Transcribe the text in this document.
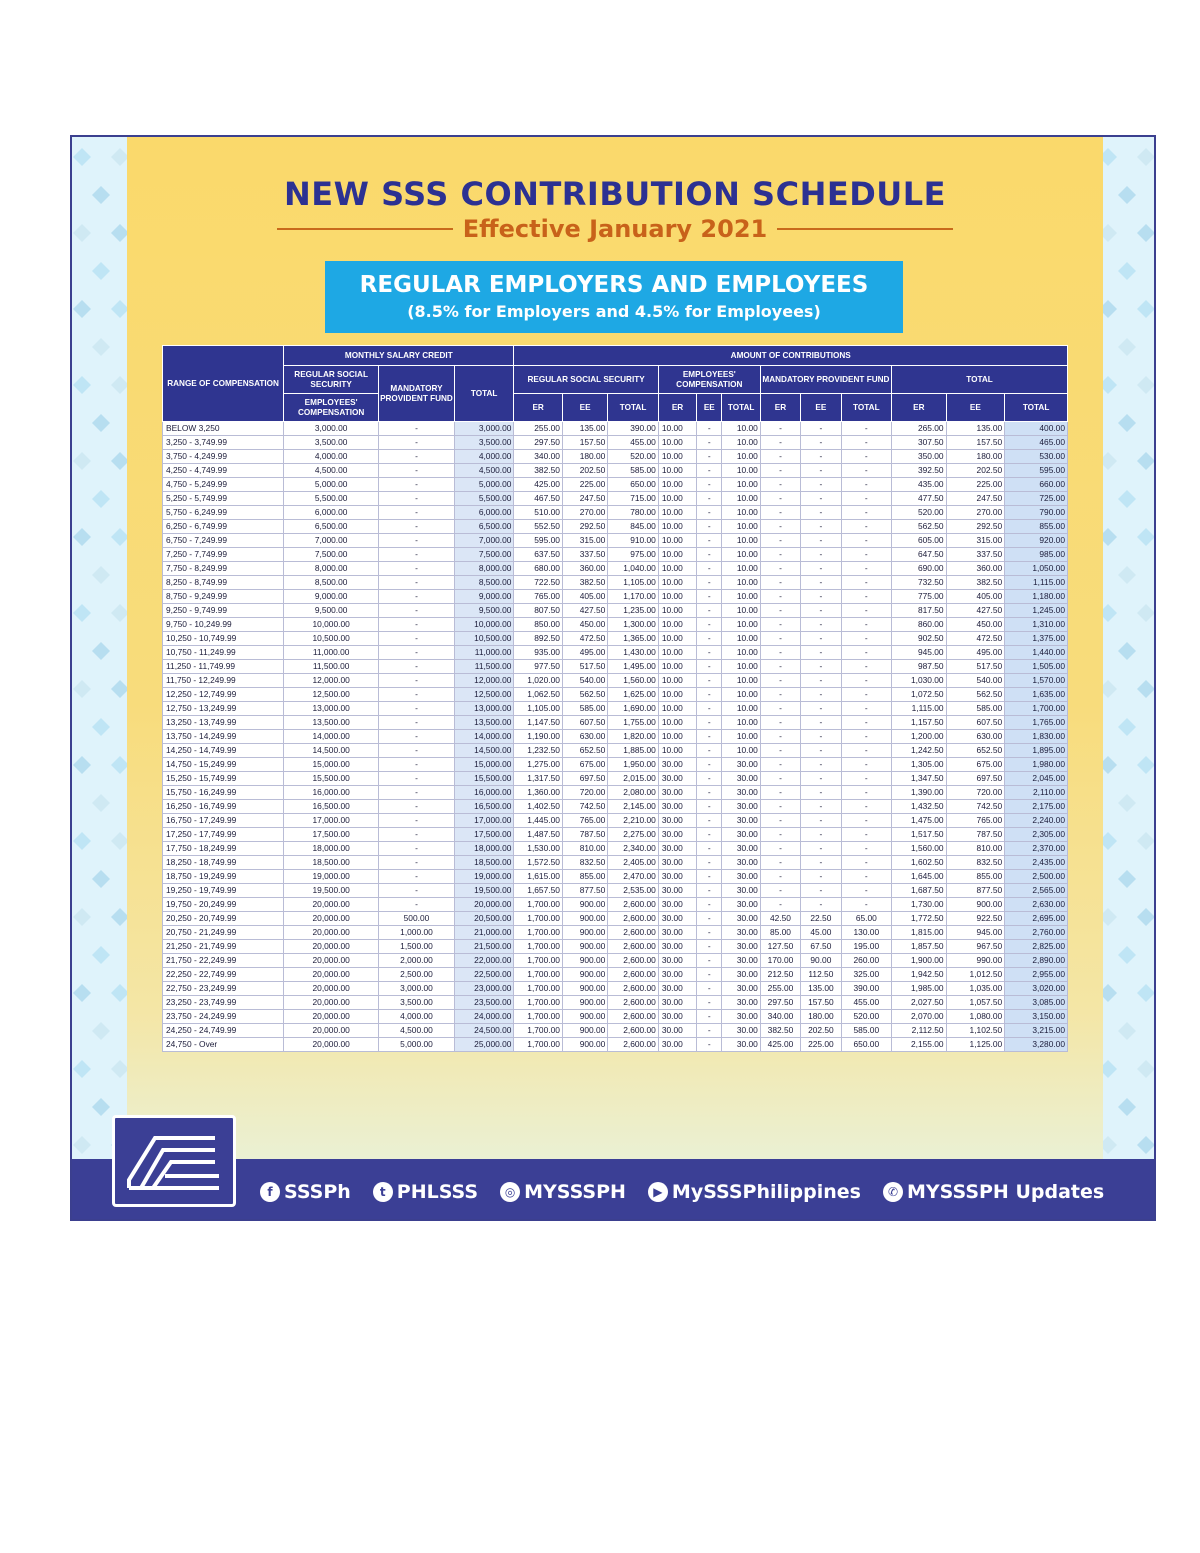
NEW SSS CONTRIBUTION SCHEDULE
Effective January 2021
REGULAR EMPLOYERS AND EMPLOYEES
(8.5% for Employers and 4.5% for Employees)
RANGE OF COMPENSATION	MONTHLY SALARY CREDIT			AMOUNT OF CONTRIBUTIONS											
	REGULAR SOCIAL SECURITY	MANDATORY PROVIDENT FUND	TOTAL	REGULAR SOCIAL SECURITY			EMPLOYEES' COMPENSATION			MANDATORY PROVIDENT FUND			TOTAL		
	EMPLOYEES' COMPENSATION			ER	EE	TOTAL	ER	EE	TOTAL	ER	EE	TOTAL	ER	EE	TOTAL
BELOW 3,250	3,000.00	-	3,000.00	255.00	135.00	390.00	10.00	-	10.00	-	-	-	265.00	135.00	400.00
3,250 - 3,749.99	3,500.00	-	3,500.00	297.50	157.50	455.00	10.00	-	10.00	-	-	-	307.50	157.50	465.00
3,750 - 4,249.99	4,000.00	-	4,000.00	340.00	180.00	520.00	10.00	-	10.00	-	-	-	350.00	180.00	530.00
4,250 - 4,749.99	4,500.00	-	4,500.00	382.50	202.50	585.00	10.00	-	10.00	-	-	-	392.50	202.50	595.00
4,750 - 5,249.99	5,000.00	-	5,000.00	425.00	225.00	650.00	10.00	-	10.00	-	-	-	435.00	225.00	660.00
5,250 - 5,749.99	5,500.00	-	5,500.00	467.50	247.50	715.00	10.00	-	10.00	-	-	-	477.50	247.50	725.00
5,750 - 6,249.99	6,000.00	-	6,000.00	510.00	270.00	780.00	10.00	-	10.00	-	-	-	520.00	270.00	790.00
6,250 - 6,749.99	6,500.00	-	6,500.00	552.50	292.50	845.00	10.00	-	10.00	-	-	-	562.50	292.50	855.00
6,750 - 7,249.99	7,000.00	-	7,000.00	595.00	315.00	910.00	10.00	-	10.00	-	-	-	605.00	315.00	920.00
7,250 - 7,749.99	7,500.00	-	7,500.00	637.50	337.50	975.00	10.00	-	10.00	-	-	-	647.50	337.50	985.00
7,750 - 8,249.99	8,000.00	-	8,000.00	680.00	360.00	1,040.00	10.00	-	10.00	-	-	-	690.00	360.00	1,050.00
8,250 - 8,749.99	8,500.00	-	8,500.00	722.50	382.50	1,105.00	10.00	-	10.00	-	-	-	732.50	382.50	1,115.00
8,750 - 9,249.99	9,000.00	-	9,000.00	765.00	405.00	1,170.00	10.00	-	10.00	-	-	-	775.00	405.00	1,180.00
9,250 - 9,749.99	9,500.00	-	9,500.00	807.50	427.50	1,235.00	10.00	-	10.00	-	-	-	817.50	427.50	1,245.00
9,750 - 10,249.99	10,000.00	-	10,000.00	850.00	450.00	1,300.00	10.00	-	10.00	-	-	-	860.00	450.00	1,310.00
10,250 - 10,749.99	10,500.00	-	10,500.00	892.50	472.50	1,365.00	10.00	-	10.00	-	-	-	902.50	472.50	1,375.00
10,750 - 11,249.99	11,000.00	-	11,000.00	935.00	495.00	1,430.00	10.00	-	10.00	-	-	-	945.00	495.00	1,440.00
11,250 - 11,749.99	11,500.00	-	11,500.00	977.50	517.50	1,495.00	10.00	-	10.00	-	-	-	987.50	517.50	1,505.00
11,750 - 12,249.99	12,000.00	-	12,000.00	1,020.00	540.00	1,560.00	10.00	-	10.00	-	-	-	1,030.00	540.00	1,570.00
12,250 - 12,749.99	12,500.00	-	12,500.00	1,062.50	562.50	1,625.00	10.00	-	10.00	-	-	-	1,072.50	562.50	1,635.00
12,750 - 13,249.99	13,000.00	-	13,000.00	1,105.00	585.00	1,690.00	10.00	-	10.00	-	-	-	1,115.00	585.00	1,700.00
13,250 - 13,749.99	13,500.00	-	13,500.00	1,147.50	607.50	1,755.00	10.00	-	10.00	-	-	-	1,157.50	607.50	1,765.00
13,750 - 14,249.99	14,000.00	-	14,000.00	1,190.00	630.00	1,820.00	10.00	-	10.00	-	-	-	1,200.00	630.00	1,830.00
14,250 - 14,749.99	14,500.00	-	14,500.00	1,232.50	652.50	1,885.00	10.00	-	10.00	-	-	-	1,242.50	652.50	1,895.00
14,750 - 15,249.99	15,000.00	-	15,000.00	1,275.00	675.00	1,950.00	30.00	-	30.00	-	-	-	1,305.00	675.00	1,980.00
15,250 - 15,749.99	15,500.00	-	15,500.00	1,317.50	697.50	2,015.00	30.00	-	30.00	-	-	-	1,347.50	697.50	2,045.00
15,750 - 16,249.99	16,000.00	-	16,000.00	1,360.00	720.00	2,080.00	30.00	-	30.00	-	-	-	1,390.00	720.00	2,110.00
16,250 - 16,749.99	16,500.00	-	16,500.00	1,402.50	742.50	2,145.00	30.00	-	30.00	-	-	-	1,432.50	742.50	2,175.00
16,750 - 17,249.99	17,000.00	-	17,000.00	1,445.00	765.00	2,210.00	30.00	-	30.00	-	-	-	1,475.00	765.00	2,240.00
17,250 - 17,749.99	17,500.00	-	17,500.00	1,487.50	787.50	2,275.00	30.00	-	30.00	-	-	-	1,517.50	787.50	2,305.00
17,750 - 18,249.99	18,000.00	-	18,000.00	1,530.00	810.00	2,340.00	30.00	-	30.00	-	-	-	1,560.00	810.00	2,370.00
18,250 - 18,749.99	18,500.00	-	18,500.00	1,572.50	832.50	2,405.00	30.00	-	30.00	-	-	-	1,602.50	832.50	2,435.00
18,750 - 19,249.99	19,000.00	-	19,000.00	1,615.00	855.00	2,470.00	30.00	-	30.00	-	-	-	1,645.00	855.00	2,500.00
19,250 - 19,749.99	19,500.00	-	19,500.00	1,657.50	877.50	2,535.00	30.00	-	30.00	-	-	-	1,687.50	877.50	2,565.00
19,750 - 20,249.99	20,000.00	-	20,000.00	1,700.00	900.00	2,600.00	30.00	-	30.00	-	-	-	1,730.00	900.00	2,630.00
20,250 - 20,749.99	20,000.00	500.00	20,500.00	1,700.00	900.00	2,600.00	30.00	-	30.00	42.50	22.50	65.00	1,772.50	922.50	2,695.00
20,750 - 21,249.99	20,000.00	1,000.00	21,000.00	1,700.00	900.00	2,600.00	30.00	-	30.00	85.00	45.00	130.00	1,815.00	945.00	2,760.00
21,250 - 21,749.99	20,000.00	1,500.00	21,500.00	1,700.00	900.00	2,600.00	30.00	-	30.00	127.50	67.50	195.00	1,857.50	967.50	2,825.00
21,750 - 22,249.99	20,000.00	2,000.00	22,000.00	1,700.00	900.00	2,600.00	30.00	-	30.00	170.00	90.00	260.00	1,900.00	990.00	2,890.00
22,250 - 22,749.99	20,000.00	2,500.00	22,500.00	1,700.00	900.00	2,600.00	30.00	-	30.00	212.50	112.50	325.00	1,942.50	1,012.50	2,955.00
22,750 - 23,249.99	20,000.00	3,000.00	23,000.00	1,700.00	900.00	2,600.00	30.00	-	30.00	255.00	135.00	390.00	1,985.00	1,035.00	3,020.00
23,250 - 23,749.99	20,000.00	3,500.00	23,500.00	1,700.00	900.00	2,600.00	30.00	-	30.00	297.50	157.50	455.00	2,027.50	1,057.50	3,085.00
23,750 - 24,249.99	20,000.00	4,000.00	24,000.00	1,700.00	900.00	2,600.00	30.00	-	30.00	340.00	180.00	520.00	2,070.00	1,080.00	3,150.00
24,250 - 24,749.99	20,000.00	4,500.00	24,500.00	1,700.00	900.00	2,600.00	30.00	-	30.00	382.50	202.50	585.00	2,112.50	1,102.50	3,215.00
24,750 - Over	20,000.00	5,000.00	25,000.00	1,700.00	900.00	2,600.00	30.00	-	30.00	425.00	225.00	650.00	2,155.00	1,125.00	3,280.00
f SSSPh	t PHLSSS	◎ MYSSSPH	▶ MySSSPhilippines	✆ MYSSSPH Updates
